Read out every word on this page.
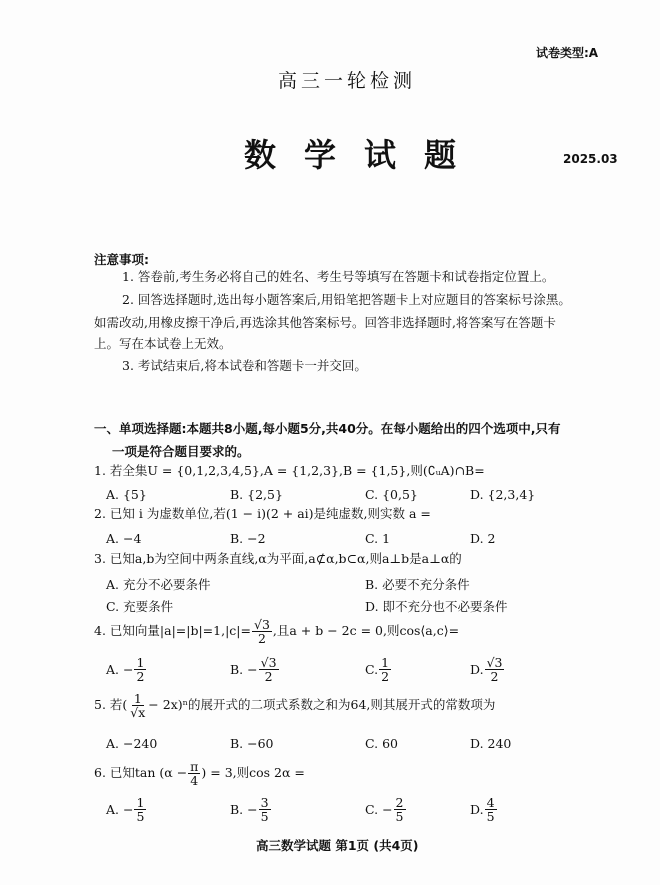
试卷类型:A
高三一轮检测
数学试题	2025.03
注意事项:
1. 答卷前,考生务必将自己的姓名、考生号等填写在答题卡和试卷指定位置上。
2. 回答选择题时,选出每小题答案后,用铅笔把答题卡上对应题目的答案标号涂黑。
如需改动,用橡皮擦干净后,再选涂其他答案标号。回答非选择题时,将答案写在答题卡
上。写在本试卷上无效。
3. 考试结束后,将本试卷和答题卡一并交回。
一、单项选择题:本题共8小题,每小题5分,共40分。在每小题给出的四个选项中,只有
一项是符合题目要求的。
1. 若全集U = {0,1,2,3,4,5},A = {1,2,3},B = {1,5},则(∁ᵤA)∩B=
A. {5}	B. {2,5}	C. {0,5}	D. {2,3,4}
2. 已知 i 为虚数单位,若(1 − i)(2 + ai)是纯虚数,则实数 a =
A. −4	B. −2	C. 1	D. 2
3. 已知a,b为空间中两条直线,α为平面,a⊄α,b⊂α,则a⊥b是a⊥α的
A. 充分不必要条件	B. 必要不充分条件
C. 充要条件	D. 即不充分也不必要条件
4. 已知向量$|a|=|b|=1,|c|= \frac{√3}{2}$ ,且a + b − 2c = 0,则cos⟨a,c⟩=
A. − $\frac{1}{2}$	B. − $\frac{√3}{2}$	C. $\frac{1}{2}$	D. $\frac{√3}{2}$
5. 若( $\frac{1}{√x} - 2x)^n$的展开式的二项式系数之和为64,则其展开式的常数项为
A. −240	B. −60	C. 60	D. 240
6. 已知$\tan (\alpha - \frac{\pi}{4}$ ) = 3,则cos 2α =
A. − $\frac{1}{5}$	B. − $\frac{3}{5}$	C. − $\frac{2}{5}$	D. $\frac{4}{5}$
高三数学试题 第1页 (共4页)
